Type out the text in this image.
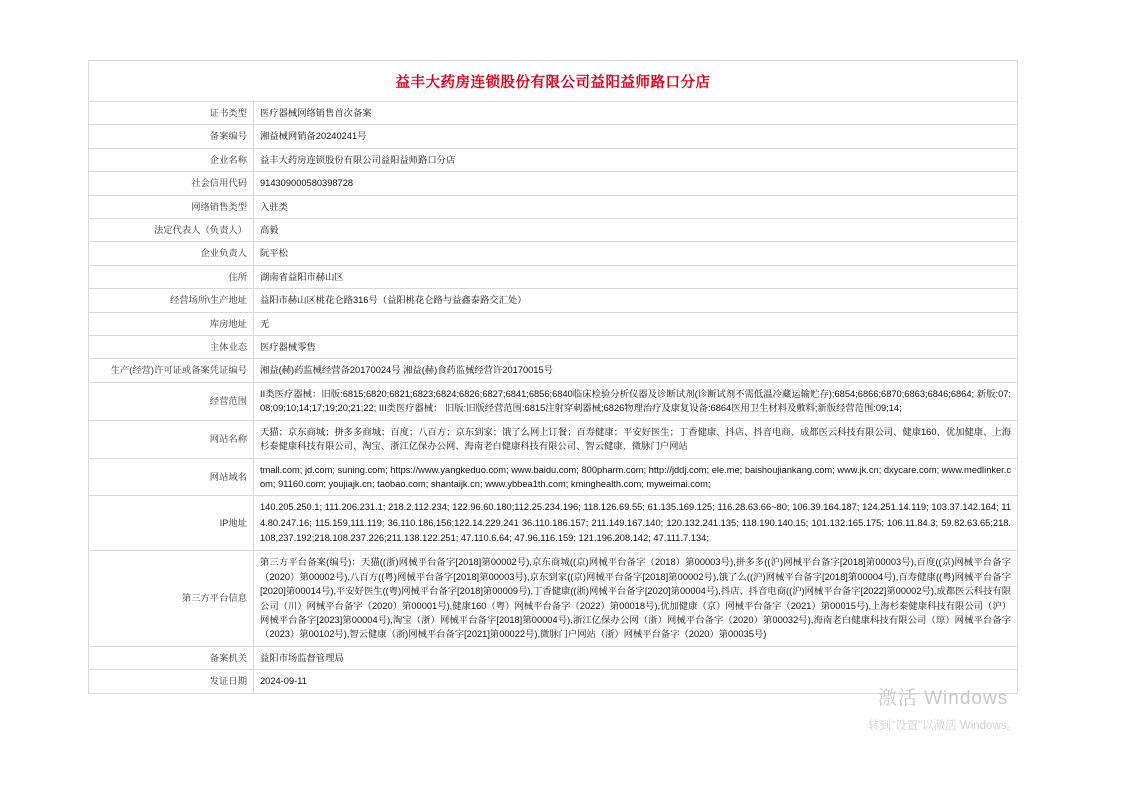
益丰大药房连锁股份有限公司益阳益师路口分店
证书类型	医疗器械网络销售首次备案
备案编号	湘益械网销备20240241号
企业名称	益丰大药房连锁股份有限公司益阳益师路口分店
社会信用代码	914309000580398728
网络销售类型	入驻类
法定代表人（负责人）	高毅
企业负责人	阮平松
住所	湖南省益阳市赫山区
经营场所\生产地址	益阳市赫山区桃花仑路316号（益阳桃花仑路与益鑫泰路交汇处）
库房地址	无
主体业态	医疗器械零售
生产(经营)许可证或备案凭证编号	湘益(赫)药监械经营备20170024号 湘益(赫)食药监械经营许20170015号
经营范围	II类医疗器械：旧版:6815;6820;6821;6823;6824;6826;6827;6841;6856;6840临床检验分析仪器及诊断试剂(诊断试剂不需低温冷藏运输贮存);6854;6866;6870;6863;6846;6864; 新版:07;08;09;10;14;17;19;20;21;22; III类医疗器械： 旧版:旧版经营范围:6815注射穿刺器械;6826物理治疗及康复设备:6864医用卫生材料及敷料;新版经营范围:09;14;
网站名称	天猫；京东商城；拼多多商城；百度；八百方；京东到家；饿了么网上订餐；百寿健康；平安好医生；丁香健康、抖店、抖音电商、成都医云科技有限公司、健康160、优加健康、上海杉泰健康科技有限公司、淘宝、浙江亿保办公网、海南老白健康科技有限公司、智云健康、微脉门户网站
网站域名	tmall.com; jd.com; suning.com; https://www.yangkeduo.com; www.baidu.com; 800pharm.com; http://jddj.com; ele.me; baishoujiankang.com; www.jk.cn; dxycare.com; www.medlinker.com; 91160.com; youjiajk.cn; taobao.com; shantaijk.cn; www.ybbea1th.com; kminghealth.com; myweimai.com;
IP地址	140.205.250.1; 111.206.231.1; 218.2.112.234; 122.96.60.180;112.25.234.196; 118.126.69.55; 61.135.169.125; 116.28.63.66~80; 106.39.164.187; 124.251.14.119; 103.37.142.164; 114.80.247.16; 115.159,111.119; 36.110.186,156;122.14.229.241 36.110.186.157; 211.149.167.140; 120.132.241.135; 118.190.140.15; 101.132.165.175; 106.11.84.3; 59.82.63.65;218.108,237.192;218.108.237.226;211.138.122.251; 47.110.6.64; 47.96.116.159; 121.196.208.142; 47.111.7.134;
第三方平台信息	第三方平台备案(编号)：天猫((浙)网械平台备字[2018]第00002号),京东商城((京)网械平台备字（2018）第00003号),拼多多((沪)网械平台备字[2018]第00003号),百度((京)网械平台备字（2020）第00002号),八百方((粤)网械平台备字[2018]第00003号),京东到家((京)网械平台备字[2018]第00002号),饿了么((沪)网械平台备字[2018]第00004号),百寿健康((粤)网械平台备字[2020]第00014号),平安好医生((粤)网械平台备字[2018]第00009号),丁香健康((浙)网械平台备字[2020]第00004号),抖店、抖音电商((沪)网械平台备字[2022]第00002号),成都医云科技有限公司（川）网械平台备字（2020）第00001号),健康160（粤）网械平台备字（2022）第00018号),优加健康（京）网械平台备字（2021）第00015号),上海杉泰健康科技有限公司（沪）网械平台备字[2023]第00004号),淘宝（浙）网械平台备字[2018]第00004号),浙江亿保办公网（浙）网械平台备字（2020）第00032号),海南老白健康科技有限公司（琼）网械平台备字（2023）第00102号),智云健康（浙)网械平台备字[2021]第00022号),微脉门户网站（浙）网械平台备字（2020）第00035号)
备案机关	益阳市场监督管理局
发证日期	2024-09-11
激活 Windows
转到"设置"以激活 Windows。
